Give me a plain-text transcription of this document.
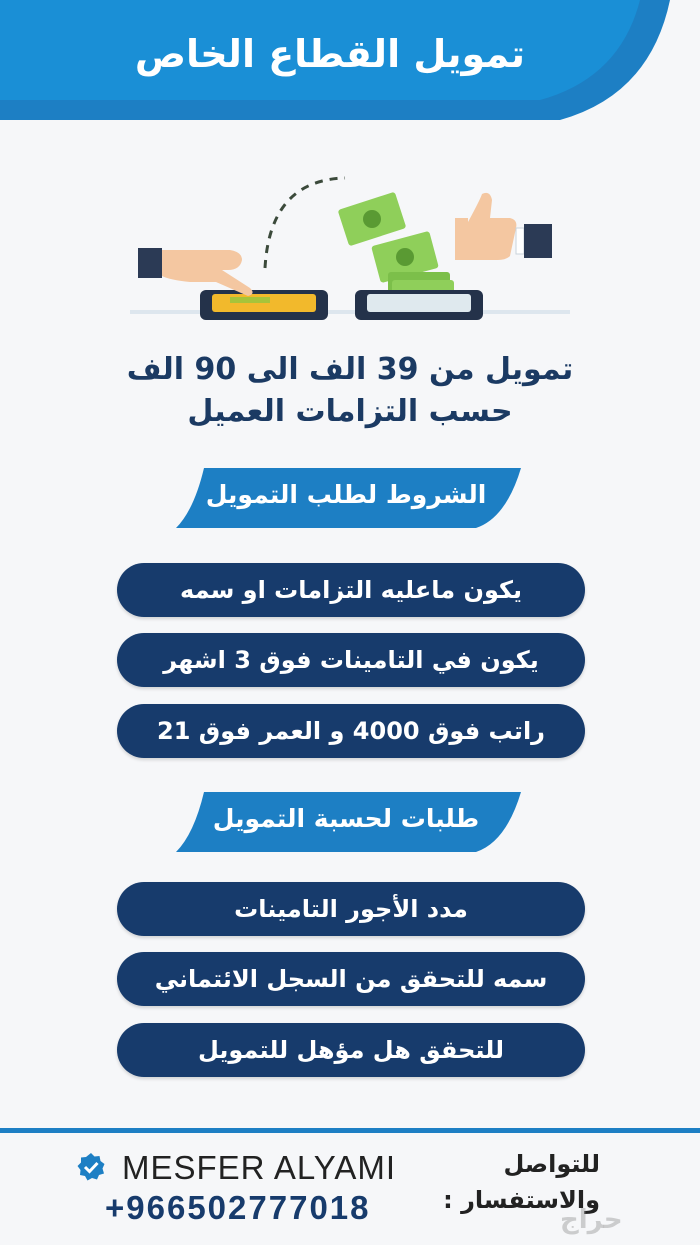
تمويل القطاع الخاص
تمويل من 39 الف الى 90 الف
حسب التزامات العميل
الشروط لطلب التمويل
يكون ماعليه التزامات او سمه
يكون في التامينات فوق 3 اشهر
راتب فوق 4000 و العمر فوق 21
طلبات لحسبة التمويل
مدد الأجور التامينات
سمه للتحقق من السجل الائتماني
للتحقق هل مؤهل للتمويل
MESFER ALYAMI
+966502777018
للتواصل
والاستفسار :
حراج
